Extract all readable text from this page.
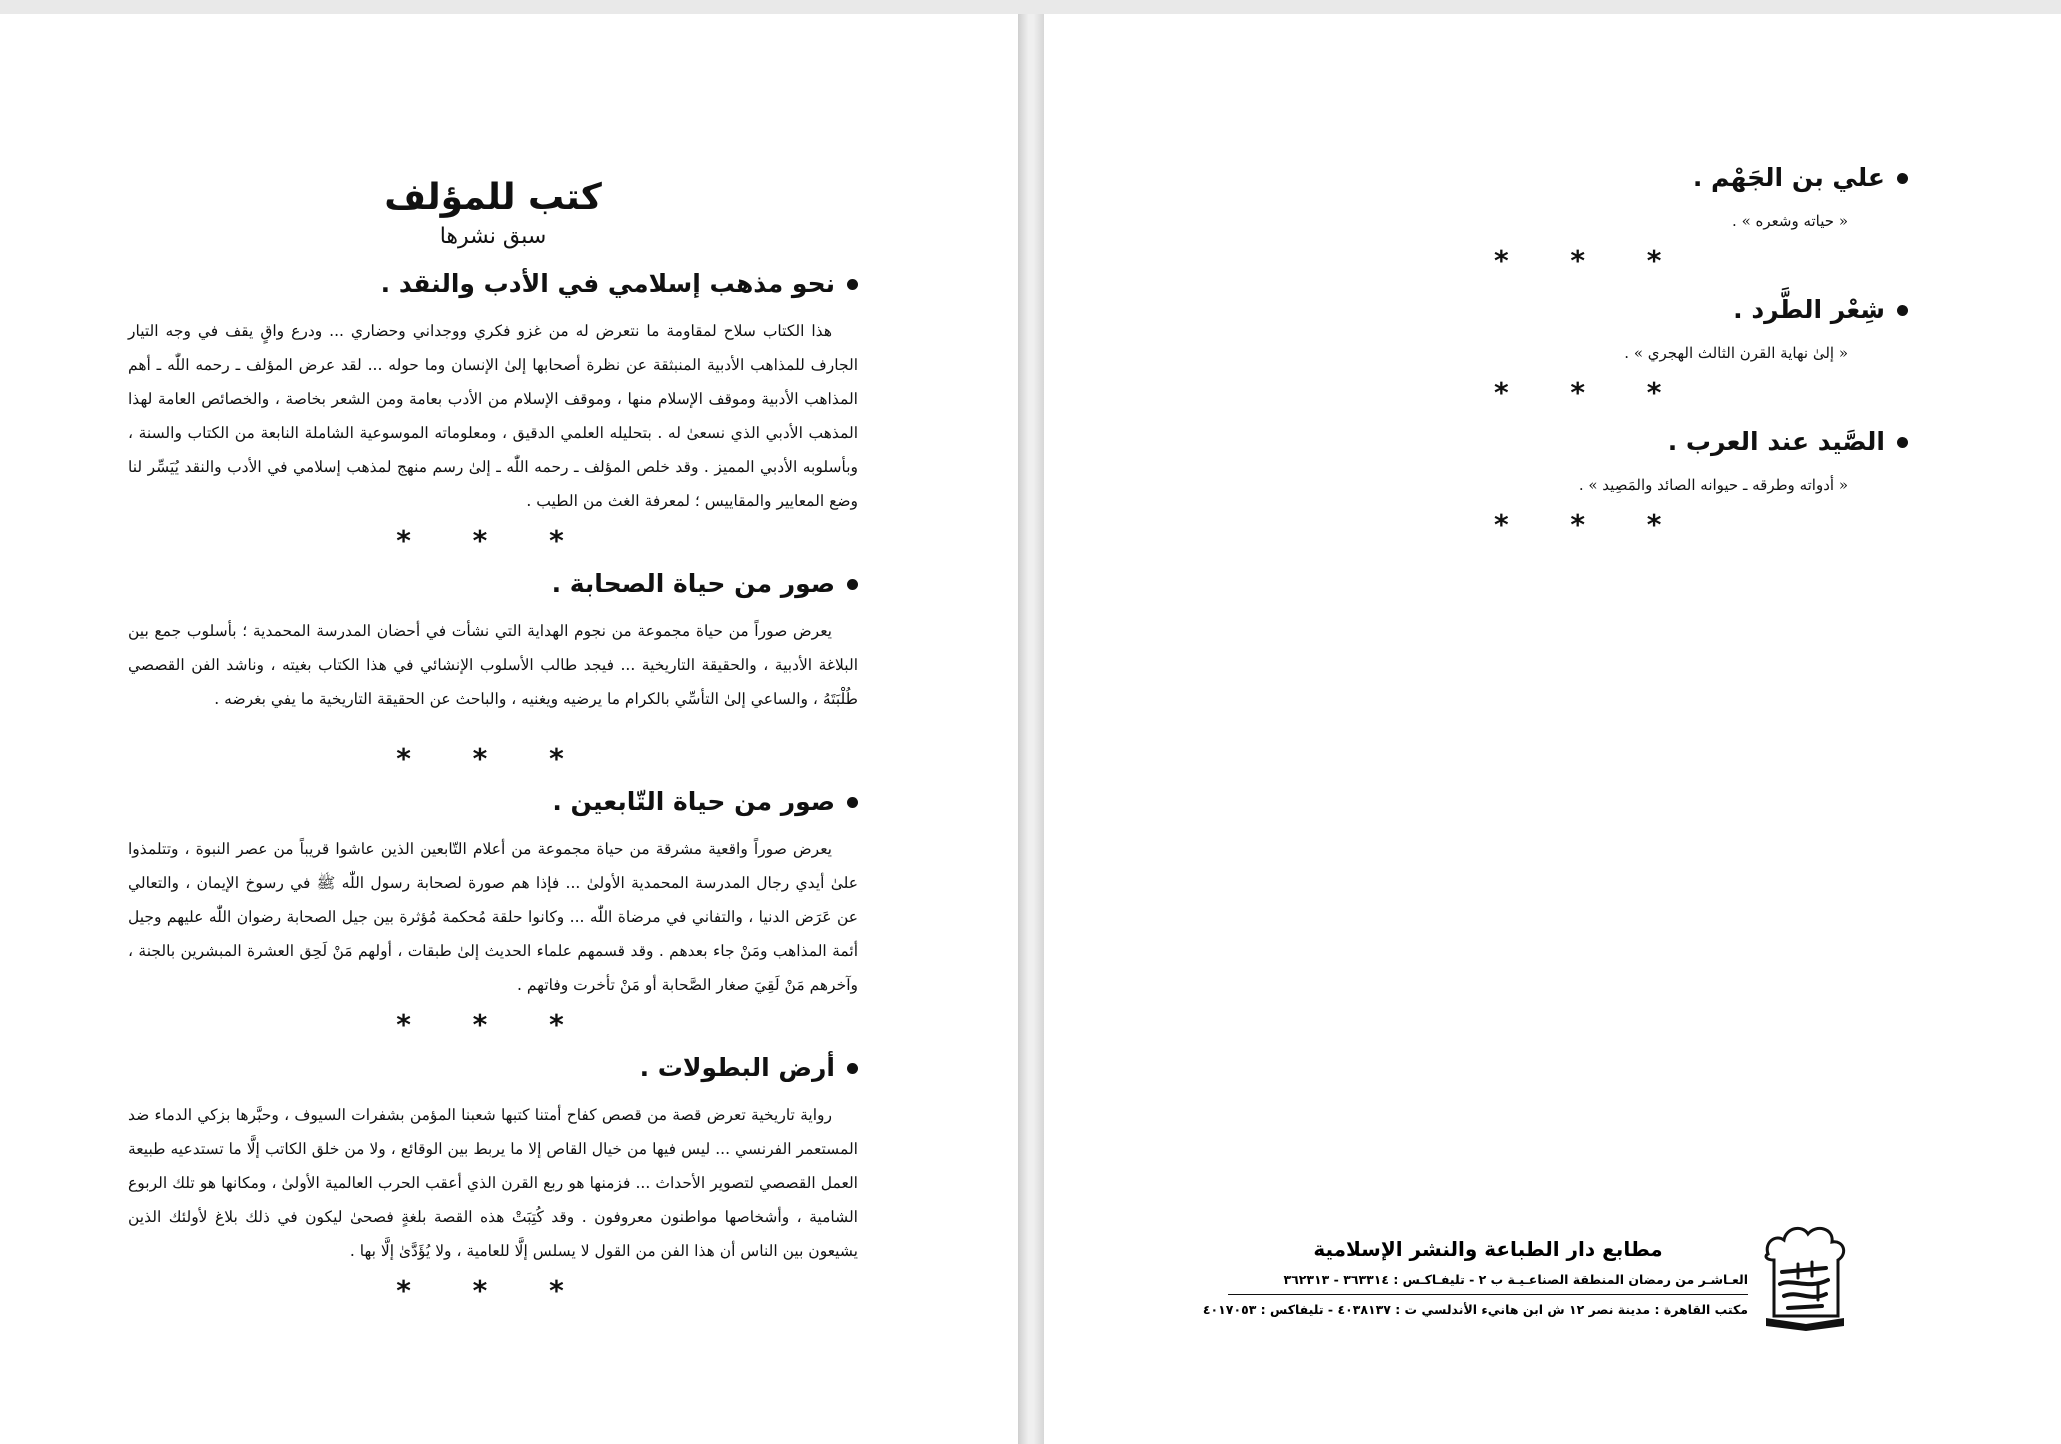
كتب للمؤلف
سبق نشرها
نحو مذهب إسلامي في الأدب والنقد .

هذا الكتاب سلاح لمقاومة ما نتعرض له من غزو فكري ووجداني وحضاري ... ودرع واقٍ يقف في وجه التيار الجارف للمذاهب الأدبية المنبثقة عن نظرة أصحابها إلىٰ الإنسان وما حوله ... لقد عرض المؤلف ـ رحمه اللّٰه ـ أهم المذاهب الأدبية وموقف الإسلام منها ، وموقف الإسلام من الأدب بعامة ومن الشعر بخاصة ، والخصائص العامة لهذا المذهب الأدبي الذي نسعىٰ له . بتحليله العلمي الدقيق ، ومعلوماته الموسوعية الشاملة النابعة من الكتاب والسنة ، وبأسلوبه الأدبي المميز . وقد خلص المؤلف ـ رحمه اللّٰه ـ إلىٰ رسم منهج لمذهب إسلامي في الأدب والنقد يُيَسِّر لنا وضع المعايير والمقاييس ؛ لمعرفة الغث من الطيب .

* * *
صور من حياة الصحابة .

يعرض صوراً من حياة مجموعة من نجوم الهداية التي نشأت في أحضان المدرسة المحمدية ؛ بأسلوب جمع بين البلاغة الأدبية ، والحقيقة التاريخية ... فيجد طالب الأسلوب الإنشائي في هذا الكتاب بغيته ، وناشد الفن القصصي طُلْبَتَهُ ، والساعي إلىٰ التأسِّي بالكرام ما يرضيه ويغنيه ، والباحث عن الحقيقة التاريخية ما يفي بغرضه .

* * *
صور من حياة التّابعين .

يعرض صوراً واقعية مشرقة من حياة مجموعة من أعلام التّابعين الذين عاشوا قريباً من عصر النبوة ، وتتلمذوا علىٰ أيدي رجال المدرسة المحمدية الأولىٰ ... فإذا هم صورة لصحابة رسول اللّٰه ﷺ في رسوخ الإيمان ، والتعالي عن عَرَض الدنيا ، والتفاني في مرضاة اللّٰه ... وكانوا حلقة مُحكمة مُؤثرة بين جيل الصحابة رضوان اللّٰه عليهم وجيل أئمة المذاهب ومَنْ جاء بعدهم . وقد قسمهم علماء الحديث إلىٰ طبقات ، أولهم مَنْ لَحِق العشرة المبشرين بالجنة ، وآخرهم مَنْ لَقِيَ صغار الصَّحابة أو مَنْ تأخرت وفاتهم .

* * *
أرض البطولات .

رواية تاريخية تعرض قصة من قصص كفاح أمتنا كتبها شعبنا المؤمن بشفرات السيوف ، وحبَّرها بزكي الدماء ضد المستعمر الفرنسي ... ليس فيها من خيال القاص إلا ما يربط بين الوقائع ، ولا من خلق الكاتب إلَّا ما تستدعيه طبيعة العمل القصصي لتصوير الأحداث ... فزمنها هو ربع القرن الذي أعقب الحرب العالمية الأولىٰ ، ومكانها هو تلك الربوع الشامية ، وأشخاصها مواطنون معروفون . وقد كُتِبَتْ هذه القصة بلغةٍ فصحىٰ ليكون في ذلك بلاغ لأولئك الذين يشيعون بين الناس أن هذا الفن من القول لا يسلس إلَّا للعامية ، ولا يُؤَدَّىٰ إلَّا بها .

* * *
علي بن الجَهْم .
« حياته وشعره » .
* * *
شِعْر الطَّرد .
« إلىٰ نهاية القرن الثالث الهجري » .
* * *
الصَّيد عند العرب .
« أدواته وطرقه ـ حيوانه الصائد والمَصِيد » .
* * *
مطابع دار الطباعة والنشر الإسلامية
العـاشـر من رمضان المنطقة الصناعـيـة ب ٢ - تليفـاكـس : ٣٦٣٣١٤ - ٣٦٢٣١٣
مكتب القاهرة : مدينة نصر ١٢ ش ابن هانيء الأندلسي ت : ٤٠٣٨١٣٧ - تليفاكس : ٤٠١٧٠٥٣
